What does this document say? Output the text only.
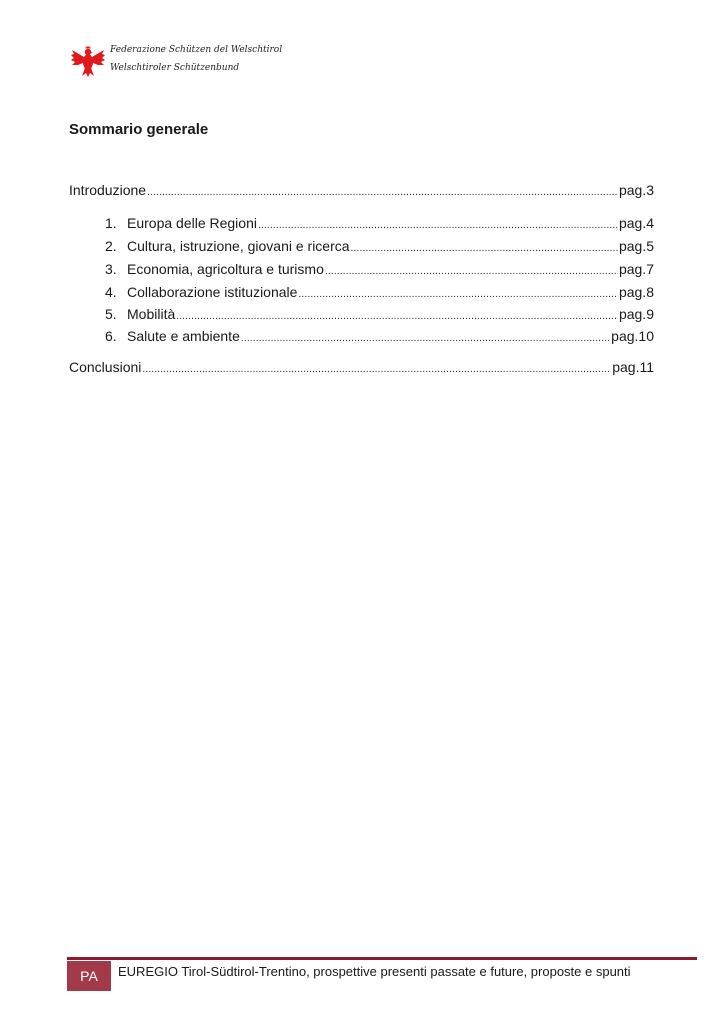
Federazione Schützen del Welschtirol
Welschtiroler Schützenbund
Sommario generale
Introduzione .....	pag.3
1. Europa delle Regioni .....	pag.4
2. Cultura, istruzione, giovani e ricerca .....	pag.5
3. Economia, agricoltura e turismo .....	pag.7
4. Collaborazione istituzionale .....	pag.8
5. Mobilità .....	pag.9
6. Salute e ambiente .....	pag.10
Conclusioni .....	pag.11
PA	EUREGIO Tirol-Südtirol-Trentino, prospettive presenti passate e future, proposte e spunti
